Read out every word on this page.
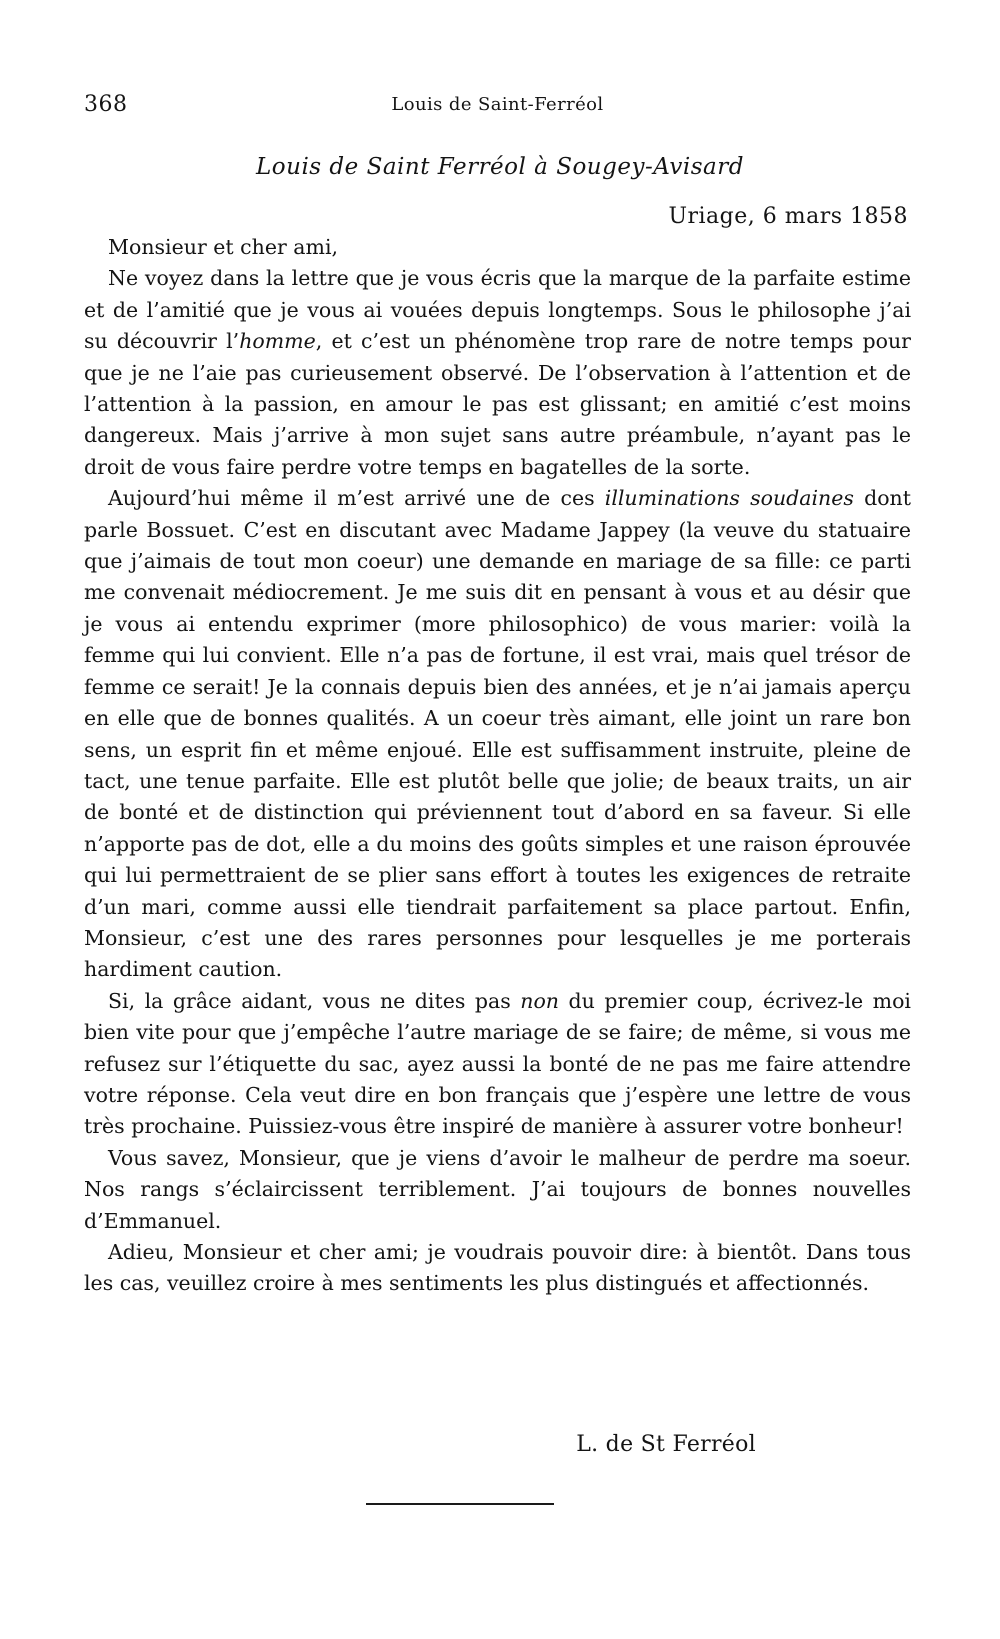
368	Louis de Saint-Ferréol
Louis de Saint Ferréol à Sougey-Avisard
Uriage, 6 mars 1858

Monsieur et cher ami,

Ne voyez dans la lettre que je vous écris que la marque de la parfaite estime et de l’amitié que je vous ai vouées depuis longtemps. Sous le philosophe j’ai su découvrir l’homme, et c’est un phénomène trop rare de notre temps pour que je ne l’aie pas curieusement observé. De l’observation à l’attention et de l’attention à la passion, en amour le pas est glissant; en amitié c’est moins dangereux. Mais j’arrive à mon sujet sans autre préambule, n’ayant pas le droit de vous faire perdre votre temps en bagatelles de la sorte.

Aujourd’hui même il m’est arrivé une de ces illuminations soudaines dont parle Bossuet. C’est en discutant avec Madame Jappey (la veuve du statuaire que j’aimais de tout mon coeur) une demande en mariage de sa fille: ce parti me convenait médiocrement. Je me suis dit en pensant à vous et au désir que je vous ai entendu exprimer (more philosophico) de vous marier: voilà la femme qui lui convient. Elle n’a pas de fortune, il est vrai, mais quel trésor de femme ce serait! Je la connais depuis bien des années, et je n’ai jamais aperçu en elle que de bonnes qualités. A un coeur très aimant, elle joint un rare bon sens, un esprit fin et même enjoué. Elle est suffisamment instruite, pleine de tact, une tenue parfaite. Elle est plutôt belle que jolie; de beaux traits, un air de bonté et de distinction qui préviennent tout d’abord en sa faveur. Si elle n’apporte pas de dot, elle a du moins des goûts simples et une raison éprouvée qui lui permettraient de se plier sans effort à toutes les exigences de retraite d’un mari, comme aussi elle tiendrait parfaitement sa place partout. Enfin, Monsieur, c’est une des rares personnes pour lesquelles je me porterais hardiment caution.

Si, la grâce aidant, vous ne dites pas non du premier coup, écrivez-le moi bien vite pour que j’empêche l’autre mariage de se faire; de même, si vous me refusez sur l’étiquette du sac, ayez aussi la bonté de ne pas me faire attendre votre réponse. Cela veut dire en bon français que j’espère une lettre de vous très prochaine. Puissiez-vous être inspiré de manière à assurer votre bonheur!

Vous savez, Monsieur, que je viens d’avoir le malheur de perdre ma soeur. Nos rangs s’éclaircissent terriblement. J’ai toujours de bonnes nouvelles d’Emmanuel.

Adieu, Monsieur et cher ami; je voudrais pouvoir dire: à bientôt. Dans tous les cas, veuillez croire à mes sentiments les plus distingués et affectionnés.

L. de St Ferréol
